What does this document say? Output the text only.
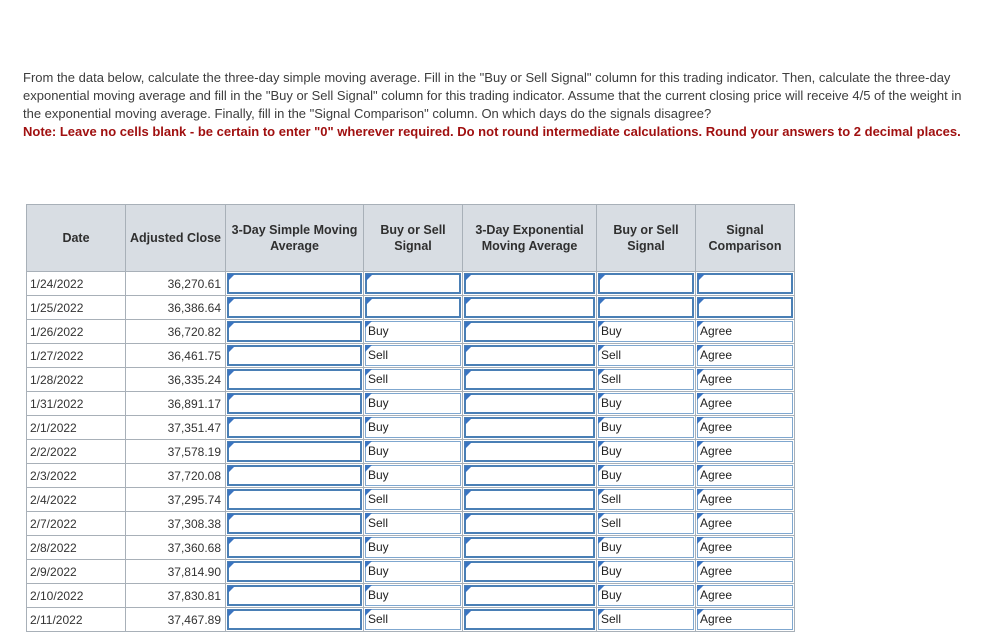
From the data below, calculate the three-day simple moving average. Fill in the "Buy or Sell Signal" column for this trading indicator. Then, calculate the three-day exponential moving average and fill in the "Buy or Sell Signal" column for this trading indicator. Assume that the current closing price will receive 4/5 of the weight in the exponential moving average. Finally, fill in the "Signal Comparison" column. On which days do the signals disagree?
Note: Leave no cells blank - be certain to enter "0" wherever required. Do not round intermediate calculations. Round your answers to 2 decimal places.
Date	Adjusted Close	3-Day Simple Moving Average	Buy or Sell Signal	3-Day Exponential Moving Average	Buy or Sell Signal	Signal Comparison
1/24/2022	36,270.61	

1/25/2022	36,386.64	

1/26/2022	36,720.82		Buy		Buy	Agree

1/27/2022	36,461.75		Sell		Sell	Agree

1/28/2022	36,335.24		Sell		Sell	Agree

1/31/2022	36,891.17		Buy		Buy	Agree

2/1/2022	37,351.47		Buy		Buy	Agree

2/2/2022	37,578.19		Buy		Buy	Agree

2/3/2022	37,720.08		Buy		Buy	Agree

2/4/2022	37,295.74		Sell		Sell	Agree

2/7/2022	37,308.38		Sell		Sell	Agree

2/8/2022	37,360.68		Buy		Buy	Agree

2/9/2022	37,814.90		Buy		Buy	Agree

2/10/2022	37,830.81		Buy		Buy	Agree

2/11/2022	37,467.89		Sell		Sell	Agree
